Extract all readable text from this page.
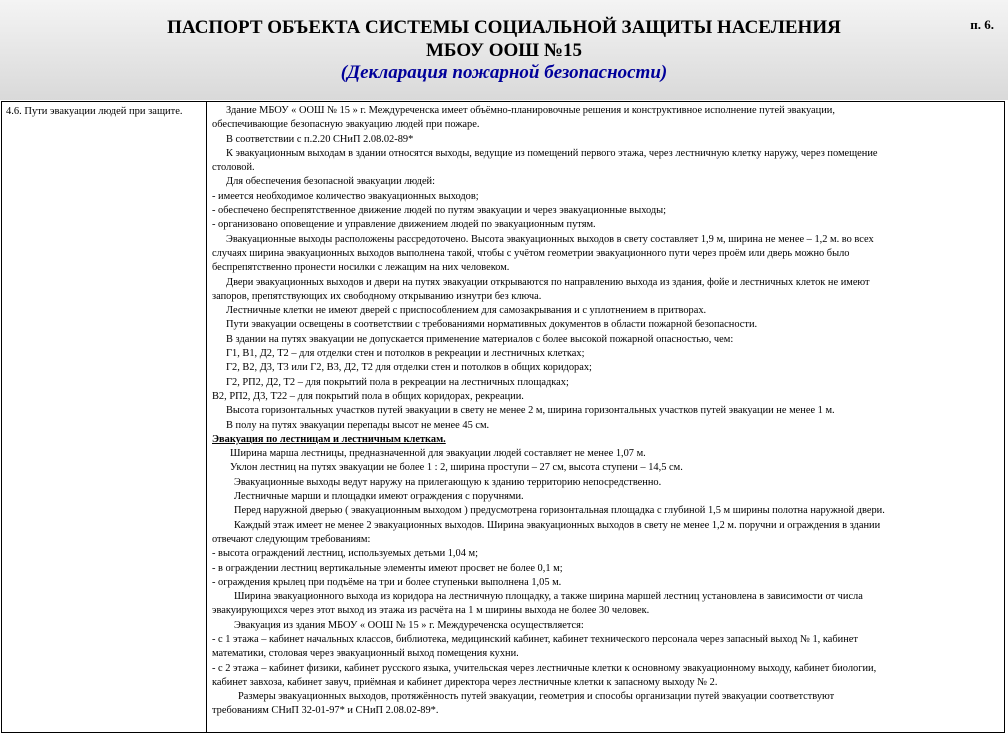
ПАСПОРТ ОБЪЕКТА СИСТЕМЫ СОЦИАЛЬНОЙ ЗАЩИТЫ НАСЕЛЕНИЯ
МБОУ ООШ №15
(Декларация пожарной безопасности)
п. 6.
4.6. Пути эвакуации людей при защите.	Здание МБОУ « ООШ № 15 » г. Междуреченска имеет объёмно-планировочные решения и конструктивное исполнение путей эвакуации,
обеспечивающие безопасную эвакуацию людей при пожаре.
В соответствии с п.2.20 СНиП 2.08.02-89*
К эвакуационным выходам в здании относятся выходы, ведущие из помещений первого этажа, через лестничную клетку наружу, через помещение
столовой.
Для обеспечения безопасной эвакуации людей:
- имеется необходимое количество эвакуационных выходов;
- обеспечено беспрепятственное движение людей по путям эвакуации и через эвакуационные выходы;
- организовано оповещение и управление движением людей по эвакуационным путям.
Эвакуационные выходы расположены рассредоточено. Высота эвакуационных выходов в свету составляет 1,9 м, ширина не менее – 1,2 м. во всех
случаях ширина эвакуационных выходов выполнена такой, чтобы с учётом геометрии эвакуационного пути через проём или дверь можно было
беспрепятственно пронести носилки с лежащим на них человеком.
Двери эвакуационных выходов и двери на путях эвакуации открываются по направлению выхода из здания, фойе и лестничных клеток не имеют
запоров, препятствующих их свободному открыванию изнутри без ключа.
Лестничные клетки не имеют дверей с приспособлением для самозакрывания и с уплотнением в притворах.
Пути эвакуации освещены в соответствии с требованиями нормативных документов в области пожарной безопасности.
В здании на путях эвакуации не допускается применение материалов с более высокой пожарной опасностью, чем:
Г1, В1, Д2, Т2 – для отделки стен и потолков в рекреации и лестничных клетках;
Г2, В2, Д3, Т3 или Г2, В3, Д2, Т2 для отделки стен и потолков в общих коридорах;
Г2, РП2, Д2, Т2 – для покрытий пола в рекреации на лестничных площадках;
В2, РП2, Д3, Т22 – для покрытий пола в общих коридорах, рекреации.
Высота горизонтальных участков путей эвакуации в свету не менее 2 м, ширина горизонтальных участков путей эвакуации не менее 1 м.
В полу на путях эвакуации перепады высот не менее 45 см.
Эвакуация по лестницам и лестничным клеткам.
Ширина марша лестницы, предназначенной для эвакуации людей составляет не менее 1,07 м.
Уклон лестниц на путях эвакуации не более 1 : 2, ширина проступи – 27 см, высота ступени – 14,5 см.
Эвакуационные выходы ведут наружу на прилегающую к зданию территорию непосредственно.
Лестничные марши и площадки имеют ограждения с поручнями.
Перед наружной дверью ( эвакуационным выходом ) предусмотрена горизонтальная площадка с глубиной 1,5 м ширины полотна наружной двери.
Каждый этаж имеет не менее 2 эвакуационных выходов. Ширина эвакуационных выходов в свету не менее 1,2 м. поручни и ограждения в здании
отвечают следующим требованиям:
- высота ограждений лестниц, используемых детьми 1,04 м;
- в ограждении лестниц вертикальные элементы имеют просвет не более 0,1 м;
- ограждения крылец при подъёме на три и более ступеньки выполнена 1,05 м.
Ширина эвакуационного выхода из коридора на лестничную площадку, а также ширина маршей лестниц установлена в зависимости от числа
эвакуирующихся через этот выход из этажа из расчёта на 1 м ширины выхода не более 30 человек.
Эвакуация из здания МБОУ « ООШ № 15 » г. Междуреченска осуществляется:
- с 1 этажа – кабинет начальных классов, библиотека, медицинский кабинет, кабинет технического персонала через запасный выход № 1, кабинет
математики, столовая через эвакуационный выход помещения кухни.
- с 2 этажа – кабинет физики, кабинет русского языка, учительская через лестничные клетки к основному эвакуационному выходу, кабинет биологии,
кабинет завхоза, кабинет завуч, приёмная и кабинет директора через лестничные клетки к запасному выходу № 2.
Размеры эвакуационных выходов, протяжённость путей эвакуации, геометрия и способы организации путей эвакуации соответствуют
требованиям СНиП 32-01-97* и СНиП 2.08.02-89*.
